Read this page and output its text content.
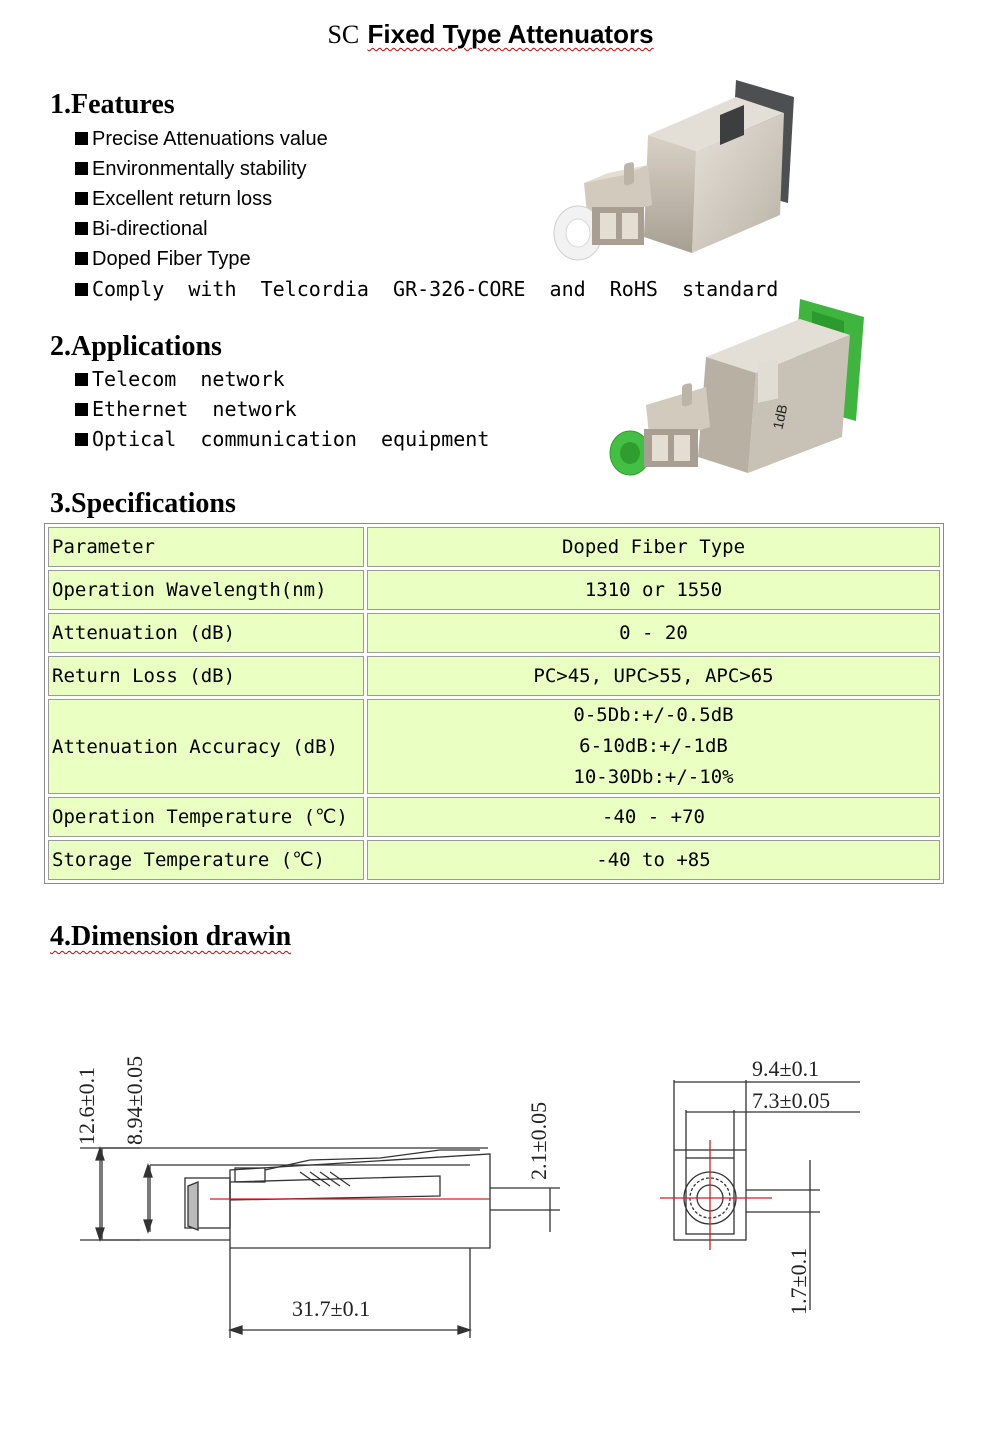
SC Fixed Type Attenuators
1.Features
Precise Attenuations value
Environmentally stability
Excellent return loss
Bi-directional
Doped Fiber Type
Comply  with  Telcordia  GR-326-CORE  and  RoHS  standard
2.Applications
Telecom  network
Ethernet  network
Optical  communication  equipment
1dB
3.Specifications
Parameter	Doped Fiber Type
Operation Wavelength(nm)	1310 or 1550
Attenuation (dB)	0 - 20
Return Loss (dB)	PC>45, UPC>55, APC>65
Attenuation Accuracy (dB)	0-5Db:+/-0.5dB
6-10dB:+/-1dB
10-30Db:+/-10%

Operation Temperature (℃)	-40 - +70
Storage Temperature (℃)	-40 to +85
4.Dimension drawin
12.6±0.1 8.94±0.05	2.1±0.05
31.7±0.1
9.4±0.1
7.3±0.05
1.7±0.1
